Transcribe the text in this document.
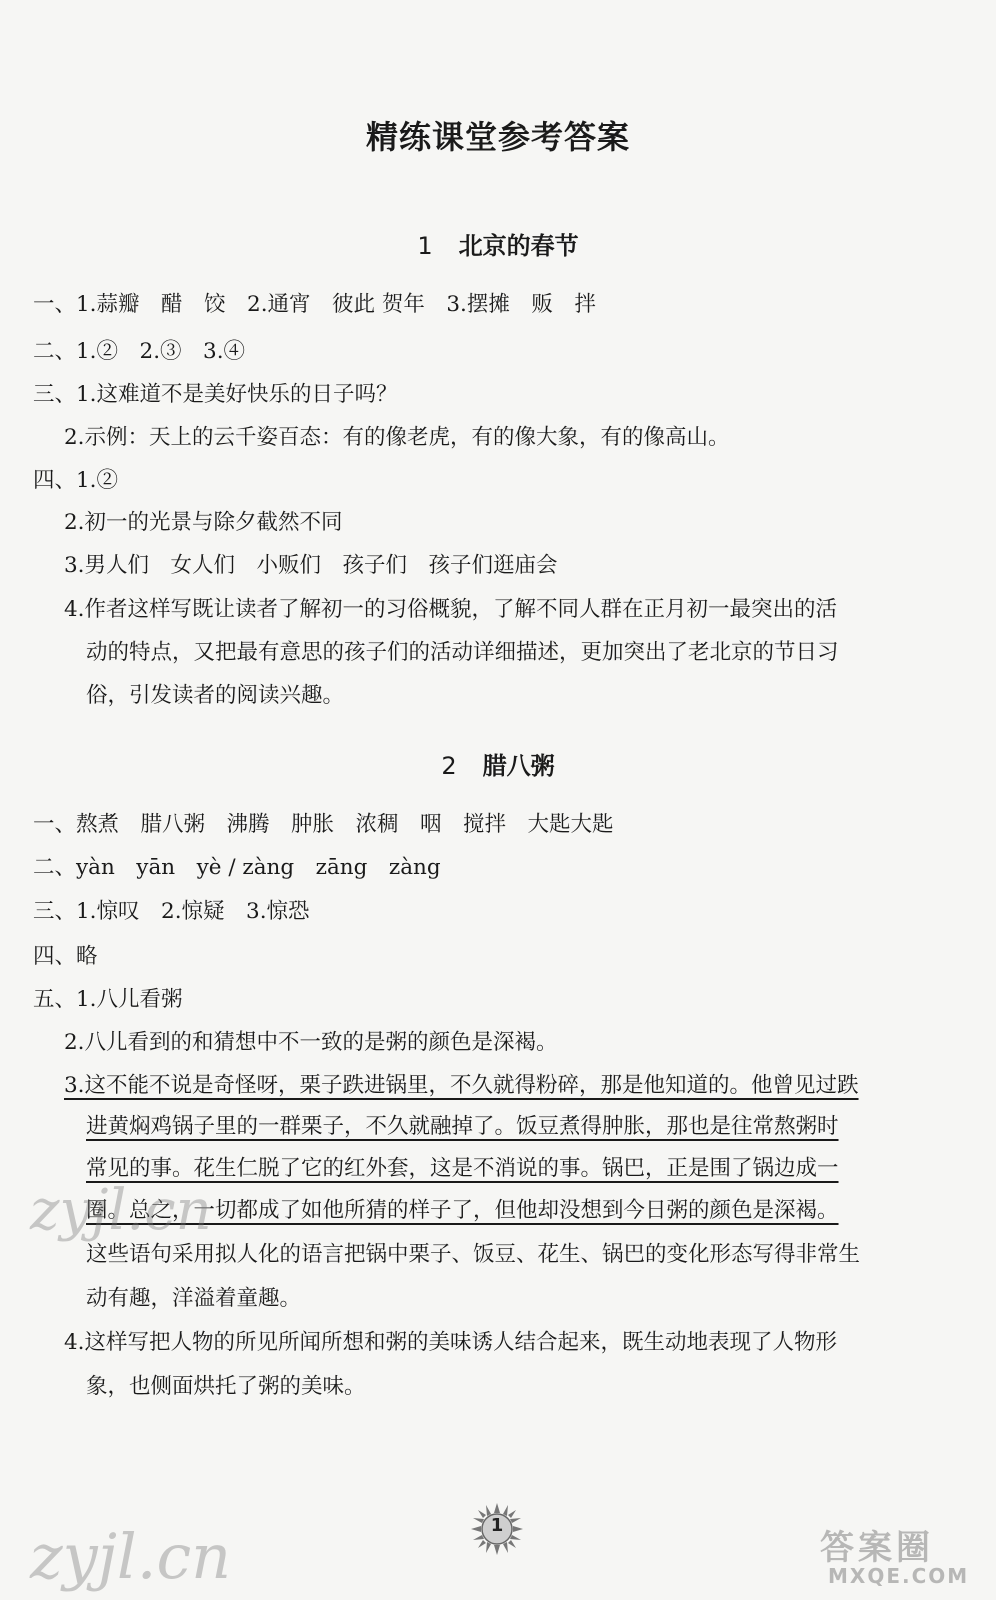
精练课堂参考答案
1 北京的春节
一、1.蒜瓣　醋　饺　2.通宵　彼此 贺年　3.摆摊　贩　拌
二、1.②　2.③　3.④
三、1.这难道不是美好快乐的日子吗？
2.示例：天上的云千姿百态：有的像老虎，有的像大象，有的像高山。
四、1.②
2.初一的光景与除夕截然不同
3.男人们　女人们　小贩们　孩子们　孩子们逛庙会
4.作者这样写既让读者了解初一的习俗概貌，了解不同人群在正月初一最突出的活
动的特点，又把最有意思的孩子们的活动详细描述，更加突出了老北京的节日习
俗，引发读者的阅读兴趣。
2 腊八粥
一、熬煮　腊八粥　沸腾　肿胀　浓稠　咽　搅拌　大匙大匙
二、yàn　yān　yè / zàng　zāng　zàng
三、1.惊叹　2.惊疑　3.惊恐
四、略
五、1.八儿看粥
2.八儿看到的和猜想中不一致的是粥的颜色是深褐。
3.这不能不说是奇怪呀，栗子跌进锅里，不久就得粉碎，那是他知道的。他曾见过跌
进黄焖鸡锅子里的一群栗子，不久就融掉了。饭豆煮得肿胀，那也是往常熬粥时
常见的事。花生仁脱了它的红外套，这是不消说的事。锅巴，正是围了锅边成一
圈。总之，一切都成了如他所猜的样子了，但他却没想到今日粥的颜色是深褐。
这些语句采用拟人化的语言把锅中栗子、饭豆、花生、锅巴的变化形态写得非常生
动有趣，洋溢着童趣。
4.这样写把人物的所见所闻所想和粥的美味诱人结合起来，既生动地表现了人物形
象，也侧面烘托了粥的美味。
zyjl.cn
zyjl.cn	1
答案圈
MXQE.COM
